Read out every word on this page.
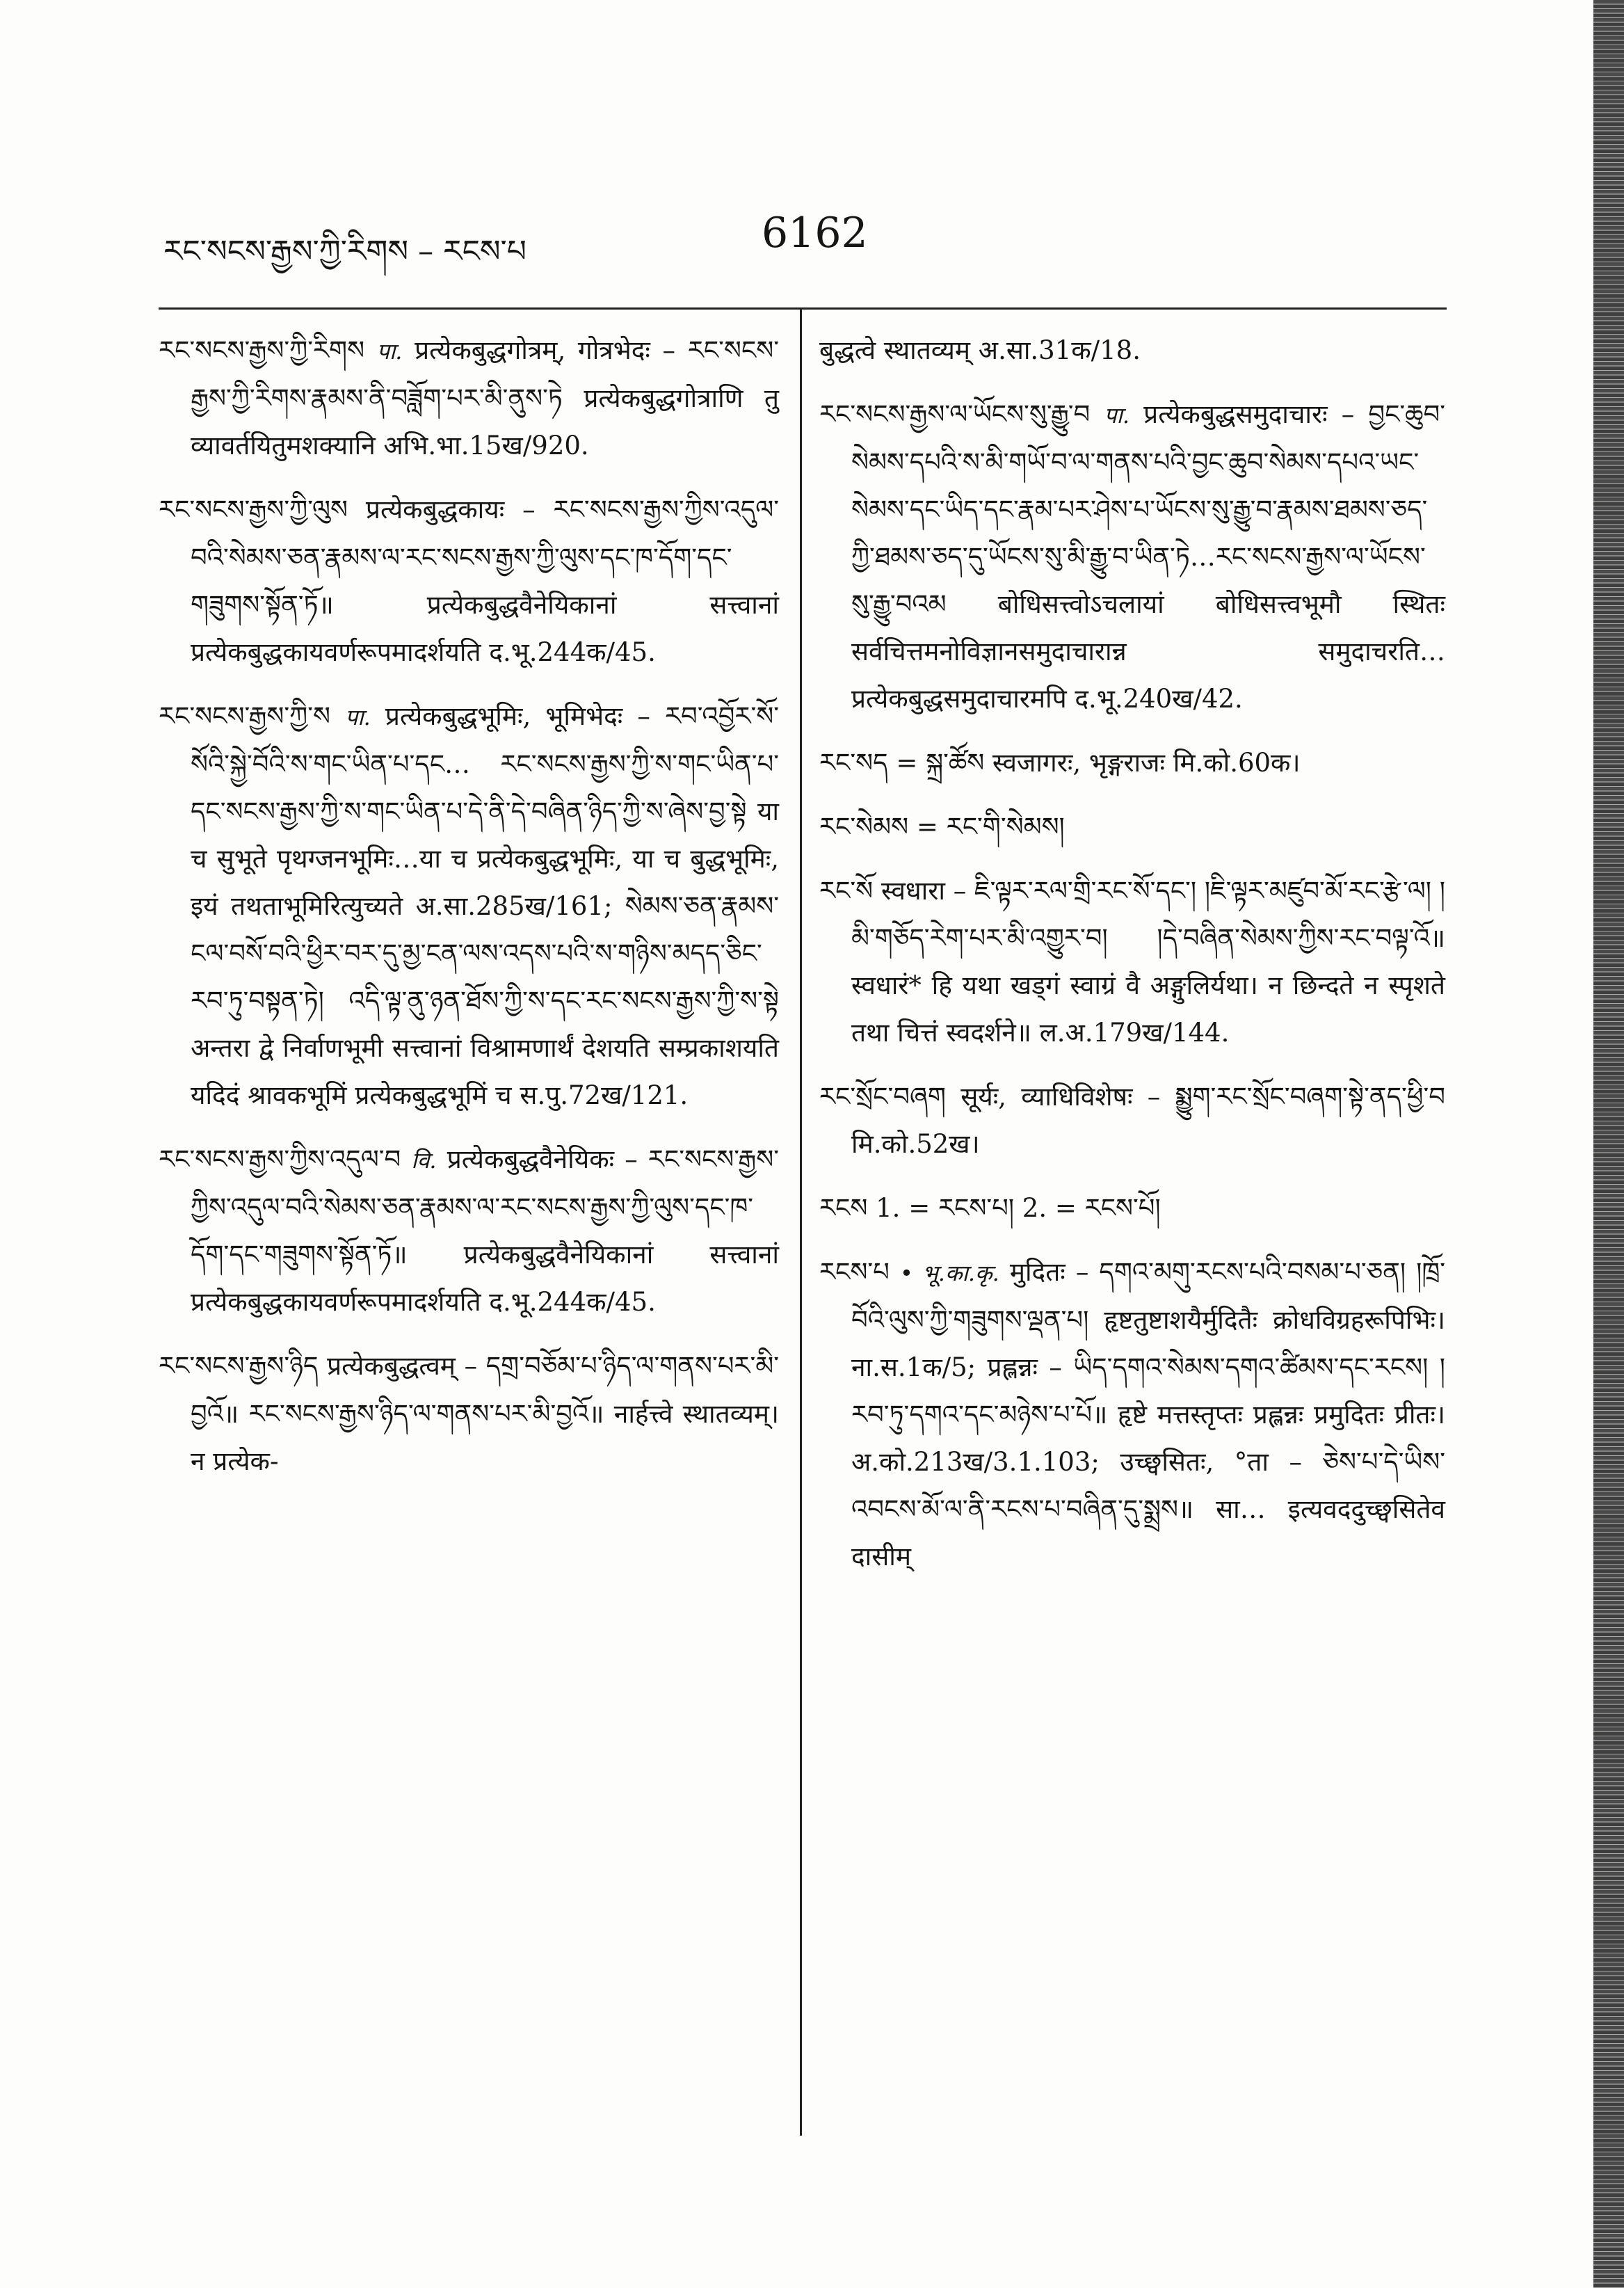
རང་སངས་རྒྱས་ཀྱི་རིགས – རངས་པ	6162

རང་སངས་རྒྱས་ཀྱི་རིགས पा. प्रत्येकबुद्धगोत्रम्, गोत्रभेदः – རང་སངས་རྒྱས་ཀྱི་རིགས་རྣམས་ནི་བཟློག་པར་མི་ནུས་ཏེ प्रत्येकबुद्धगोत्राणि तु व्यावर्तयितुमशक्यानि अभि.भा.15ख/920.

རང་སངས་རྒྱས་ཀྱི་ལུས प्रत्येकबुद्धकायः – རང་སངས་རྒྱས་ཀྱིས་འདུལ་བའི་སེམས་ཅན་རྣམས་ལ་རང་སངས་རྒྱས་ཀྱི་ལུས་དང་ཁ་དོག་དང་གཟུགས་སྟོན་ཏོ॥ प्रत्येकबुद्धवैनेयिकानां सत्त्वानां प्रत्येकबुद्धकायवर्णरूपमादर्शयति द.भू.244क/45.

རང་སངས་རྒྱས་ཀྱི་ས पा. प्रत्येकबुद्धभूमिः, भूमिभेदः – རབ་འབྱོར་སོ་སོའི་སྐྱེ་བོའི་ས་གང་ཡིན་པ་དང… རང་སངས་རྒྱས་ཀྱི་ས་གང་ཡིན་པ་དང་སངས་རྒྱས་ཀྱི་ས་གང་ཡིན་པ་དེ་ནི་དེ་བཞིན་ཉིད་ཀྱི་ས་ཞེས་བྱ་སྟེ या च सुभूते पृथग्जनभूमिः…या च प्रत्येकबुद्धभूमिः, या च बुद्धभूमिः, इयं तथताभूमिरित्युच्यते अ.सा.285ख/161; སེམས་ཅན་རྣམས་ངལ་བསོ་བའི་ཕྱིར་བར་དུ་མྱ་ངན་ལས་འདས་པའི་ས་གཉིས་མདད་ཅིང་རབ་ཏུ་བསྟན་ཏེ། འདི་ལྟ་ནུ་ཉན་ཐོས་ཀྱི་ས་དང་རང་སངས་རྒྱས་ཀྱི་ས་སྟེ अन्तरा द्वे निर्वाणभूमी सत्त्वानां विश्रामणार्थं देशयति सम्प्रकाशयति यदिदं श्रावकभूमिं प्रत्येकबुद्धभूमिं च स.पु.72ख/121.

རང་སངས་རྒྱས་ཀྱིས་འདུལ་བ वि. प्रत्येकबुद्धवैनेयिकः – རང་སངས་རྒྱས་ཀྱིས་འདུལ་བའི་སེམས་ཅན་རྣམས་ལ་རང་སངས་རྒྱས་ཀྱི་ལུས་དང་ཁ་དོག་དང་གཟུགས་སྟོན་ཏོ॥ प्रत्येकबुद्धवैनेयिकानां सत्त्वानां प्रत्येकबुद्धकायवर्णरूपमादर्शयति द.भू.244क/45.

རང་སངས་རྒྱས་ཉིད प्रत्येकबुद्धत्वम् – དགྲ་བཅོམ་པ་ཉིད་ལ་གནས་པར་མི་བྱའོ॥ རང་སངས་རྒྱས་ཉིད་ལ་གནས་པར་མི་བྱའོ॥ नार्हत्त्वे स्थातव्यम्। न प्रत्येक-

बुद्धत्वे स्थातव्यम् अ.सा.31क/18.

རང་སངས་རྒྱས་ལ་ཡོངས་སུ་རྒྱུ་བ पा. प्रत्येकबुद्धसमुदाचारः – བྱང་ཆུབ་སེམས་དཔའི་ས་མི་གཡོ་བ་ལ་གནས་པའི་བྱང་ཆུབ་སེམས་དཔའ་ཡང་སེམས་དང་ཡིད་དང་རྣམ་པར་ཤེས་པ་ཡོངས་སུ་རྒྱུ་བ་རྣམས་ཐམས་ཅད་ཀྱི་ཐམས་ཅད་དུ་ཡོངས་སུ་མི་རྒྱུ་བ་ཡིན་ཏེ…རང་སངས་རྒྱས་ལ་ཡོངས་སུ་རྒྱུ་བའམ बोधिसत्त्वोऽचलायां बोधिसत्त्वभूमौ स्थितः सर्वचित्तमनोविज्ञानसमुदाचारान्न समुदाचरति…प्रत्येकबुद्धसमुदाचारमपि द.भू.240ख/42.

རང་སད = སྐྲ་ཚོས स्वजागरः, भृङ्गराजः मि.को.60क।

རང་སེམས = རང་གི་སེམས།

རང་སོ स्वधारा – ཇི་ལྟར་རལ་གྲི་རང་སོ་དང་། །ཇི་ལྟར་མཛུབ་མོ་རང་རྩེ་ལ། །མི་གཅོད་རེག་པར་མི་འགྱུར་བ། །དེ་བཞིན་སེམས་ཀྱིས་རང་བལྟ་འོ॥ स्वधारं* हि यथा खड्गं स्वाग्रं वै अङ्गुलिर्यथा। न छिन्दते न स्पृशते तथा चित्तं स्वदर्शने॥ ल.अ.179ख/144.

རང་སྲོང་བཞག सूर्यः, व्याधिविशेषः – སྨྱུག་རང་སྲོང་བཞག་སྟེ་ནད་ཕྱི་བ मि.को.52ख।

རངས 1. = རངས་པ། 2. = རངས་པོ།

རངས་པ • भू.का.कृ. मुदितः – དགའ་མགུ་རངས་པའི་བསམ་པ་ཅན། །ཁྲོ་བོའི་ལུས་ཀྱི་གཟུགས་ལྡན་པ། हृष्टतुष्टाशयैर्मुदितैः क्रोधविग्रहरूपिभिः। ना.स.1क/5; प्रह्लन्नः – ཡིད་དགའ་སེམས་དགའ་ཚིམས་དང་རངས། །རབ་ཏུ་དགའ་དང་མཉེས་པ་པོ॥ हृष्टे मत्तस्तृप्तः प्रह्लन्नः प्रमुदितः प्रीतः। अ.को.213ख/3.1.103; उच्छ्वसितः, °ता – ཅེས་པ་དེ་ཡིས་འབངས་མོ་ལ་ནི་རངས་པ་བཞིན་དུ་སྨྲས॥ सा… इत्यवददुच्छ्वसितेव दासीम्
